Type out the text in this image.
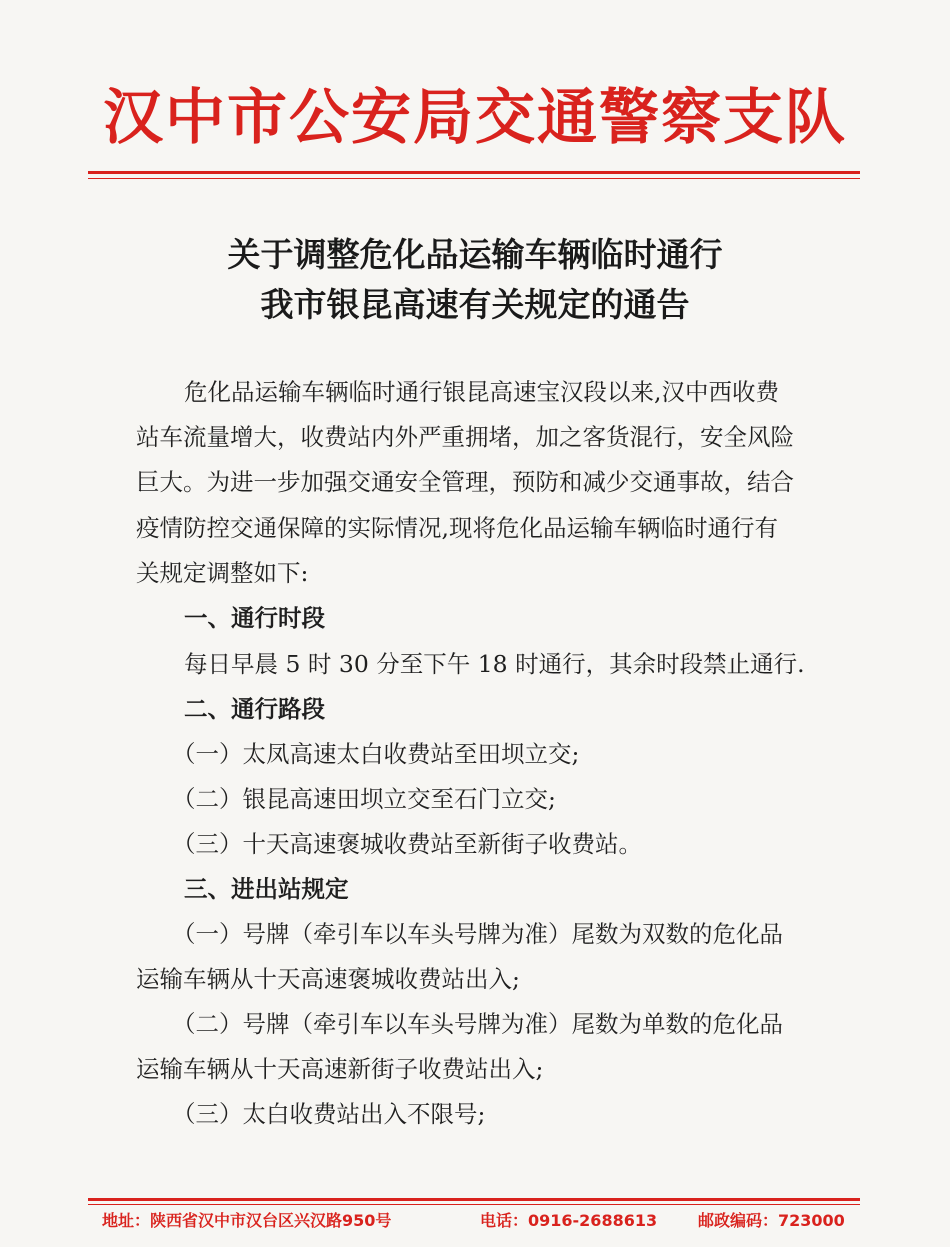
汉中市公安局交通警察支队
关于调整危化品运输车辆临时通行
我市银昆高速有关规定的通告
危化品运输车辆临时通行银昆高速宝汉段以来,汉中西收费
站车流量增大，收费站内外严重拥堵，加之客货混行，安全风险
巨大。为进一步加强交通安全管理，预防和减少交通事故，结合
疫情防控交通保障的实际情况,现将危化品运输车辆临时通行有
关规定调整如下:
一、通行时段
每日早晨 5 时 30 分至下午 18 时通行，其余时段禁止通行.
二、通行路段
（一）太凤高速太白收费站至田坝立交;
（二）银昆高速田坝立交至石门立交;
（三）十天高速褒城收费站至新街子收费站。
三、进出站规定
（一）号牌（牵引车以车头号牌为准）尾数为双数的危化品
运输车辆从十天高速褒城收费站出入;
（二）号牌（牵引车以车头号牌为准）尾数为单数的危化品
运输车辆从十天高速新街子收费站出入;
（三）太白收费站出入不限号;
地址：陕西省汉中市汉台区兴汉路950号	电话：0916-2688613	邮政编码：723000
